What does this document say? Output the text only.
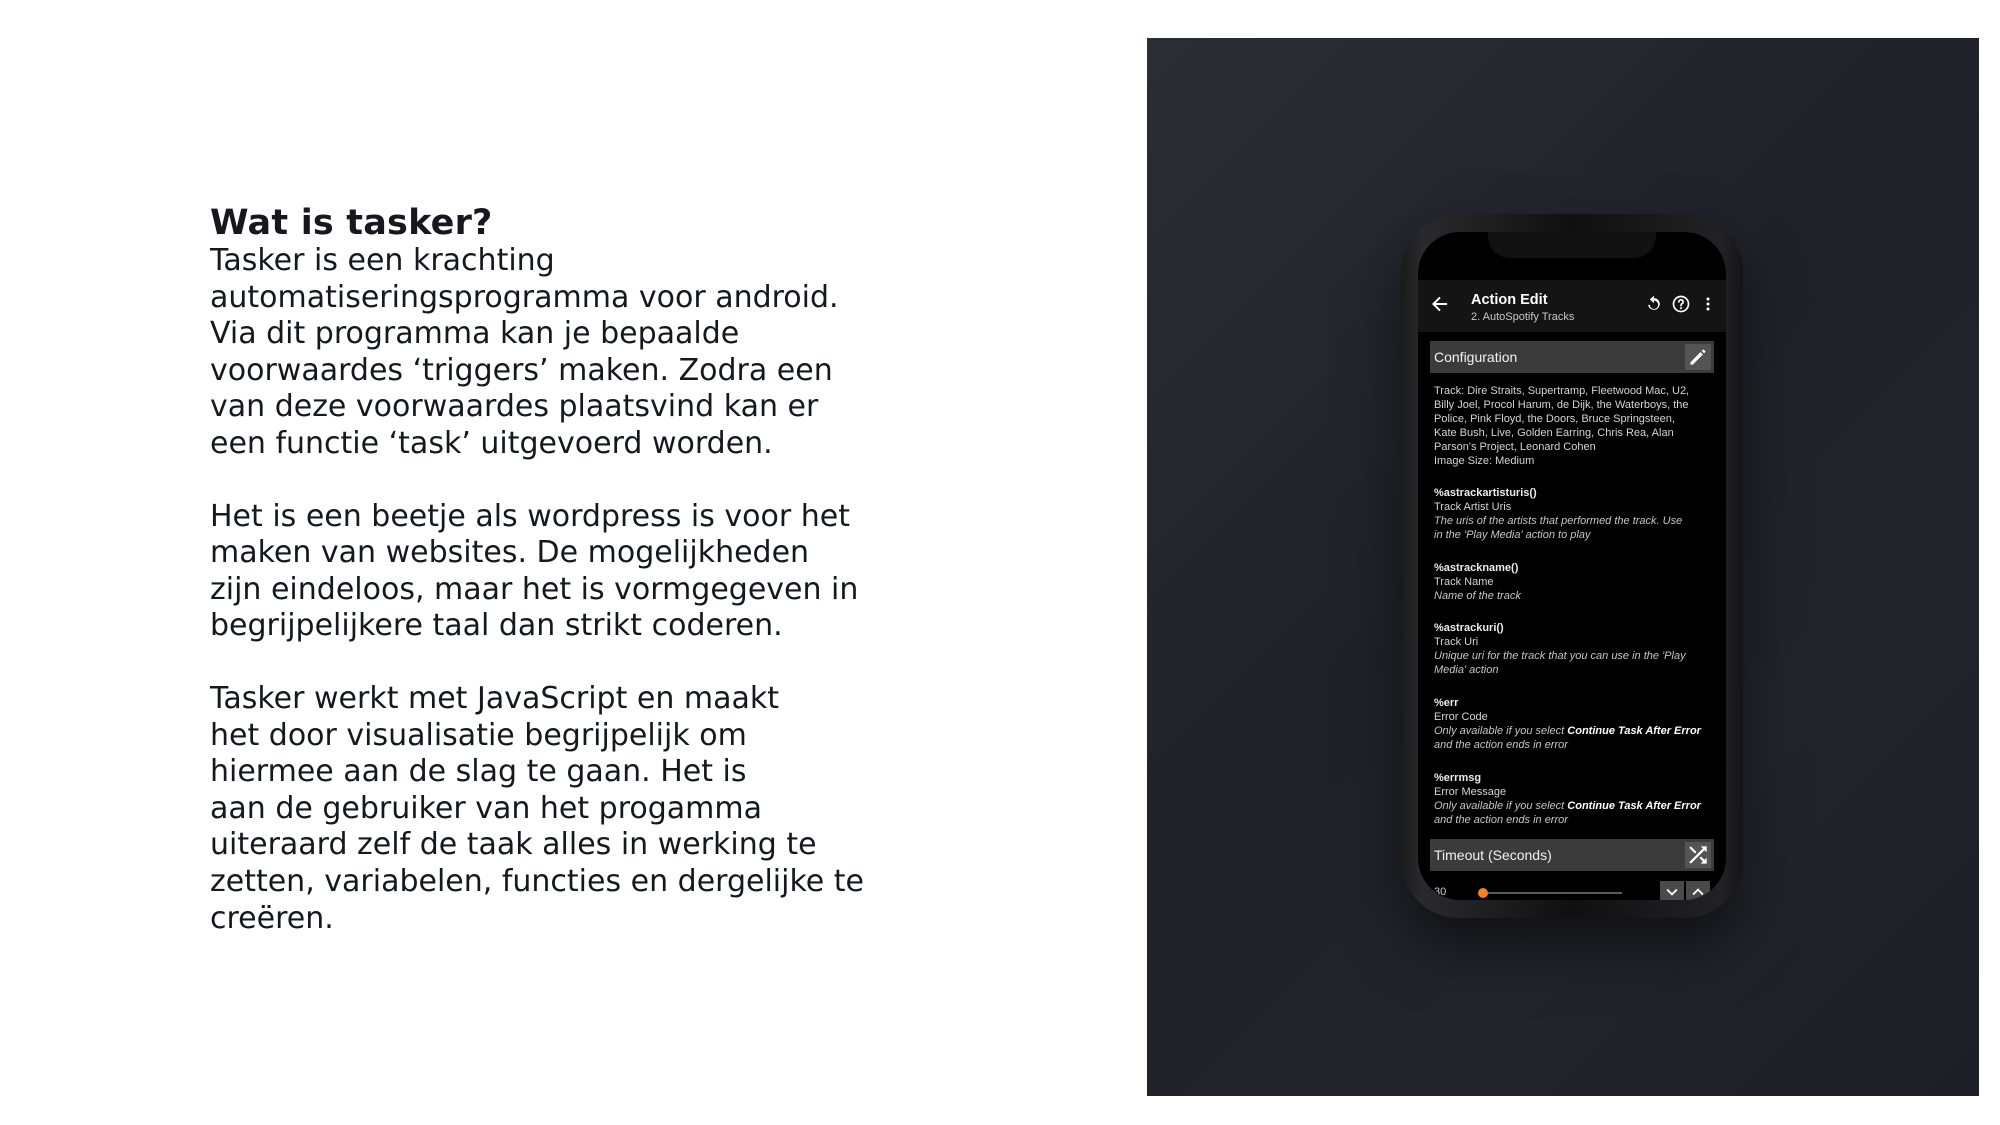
Wat is tasker?

Tasker is een krachting
automatiseringsprogramma voor android.
Via dit programma kan je bepaalde
voorwaardes ‘triggers’ maken. Zodra een
van deze voorwaardes plaatsvind kan er
een functie ‘task’ uitgevoerd worden.

Het is een beetje als wordpress is voor het
maken van websites. De mogelijkheden
zijn eindeloos, maar het is vormgegeven in
begrijpelijkere taal dan strikt coderen.

Tasker werkt met JavaScript en maakt
het door visualisatie begrijpelijk om
hiermee aan de slag te gaan. Het is
aan de gebruiker van het progamma
uiteraard zelf de taak alles in werking te
zetten, variabelen, functies en dergelijke te
creëren.

Action Edit
2. AutoSpotify Tracks
Configuration
Track: Dire Straits, Supertramp, Fleetwood Mac, U2,
Billy Joel, Procol Harum, de Dijk, the Waterboys, the
Police, Pink Floyd, the Doors, Bruce Springsteen,
Kate Bush, Live, Golden Earring, Chris Rea, Alan
Parson's Project, Leonard Cohen
Image Size: Medium
%astrackartisturis()
Track Artist Uris
The uris of the artists that performed the track. Use
in the 'Play Media' action to play
%astrackname()
Track Name
Name of the track
%astrackuri()
Track Uri
Unique uri for the track that you can use in the 'Play
Media' action
%err
Error Code
Only available if you select Continue Task After Error
and the action ends in error
%errmsg
Error Message
Only available if you select Continue Task After Error
and the action ends in error
Timeout (Seconds)
30
